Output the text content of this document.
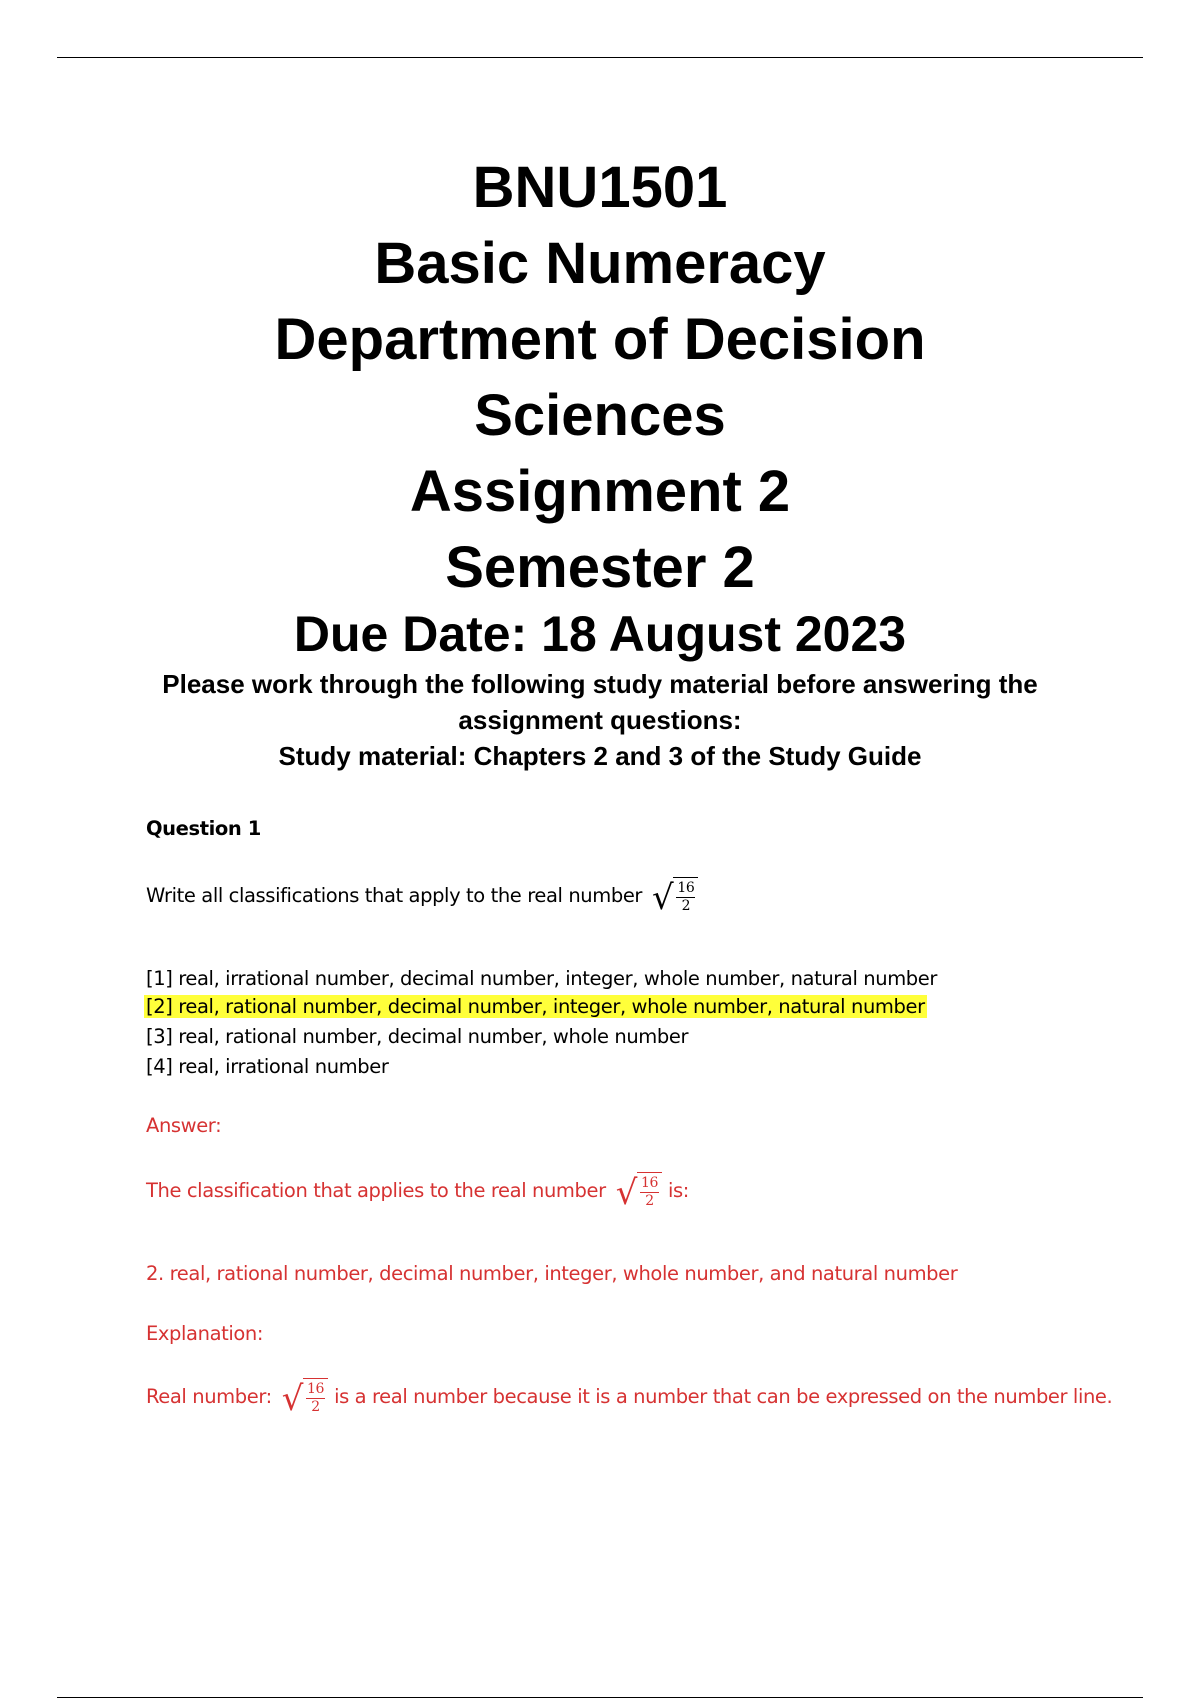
BNU1501
Basic Numeracy
Department of Decision
Sciences
Assignment 2
Semester 2
Due Date: 18 August 2023
Please work through the following study material before answering the
assignment questions:
Study material: Chapters 2 and 3 of the Study Guide
Question 1
Write all classifications that apply to the real number √ $\frac{16}{2}$
[1] real, irrational number, decimal number, integer, whole number, natural number
[2] real, rational number, decimal number, integer, whole number, natural number
[3] real, rational number, decimal number, whole number
[4] real, irrational number
Answer:
The classification that applies to the real number √ $\frac{16}{2}$ is:
2. real, rational number, decimal number, integer, whole number, and natural number
Explanation:
Real number: √ $\frac{16}{2}$ is a real number because it is a number that can be expressed on the number line.
